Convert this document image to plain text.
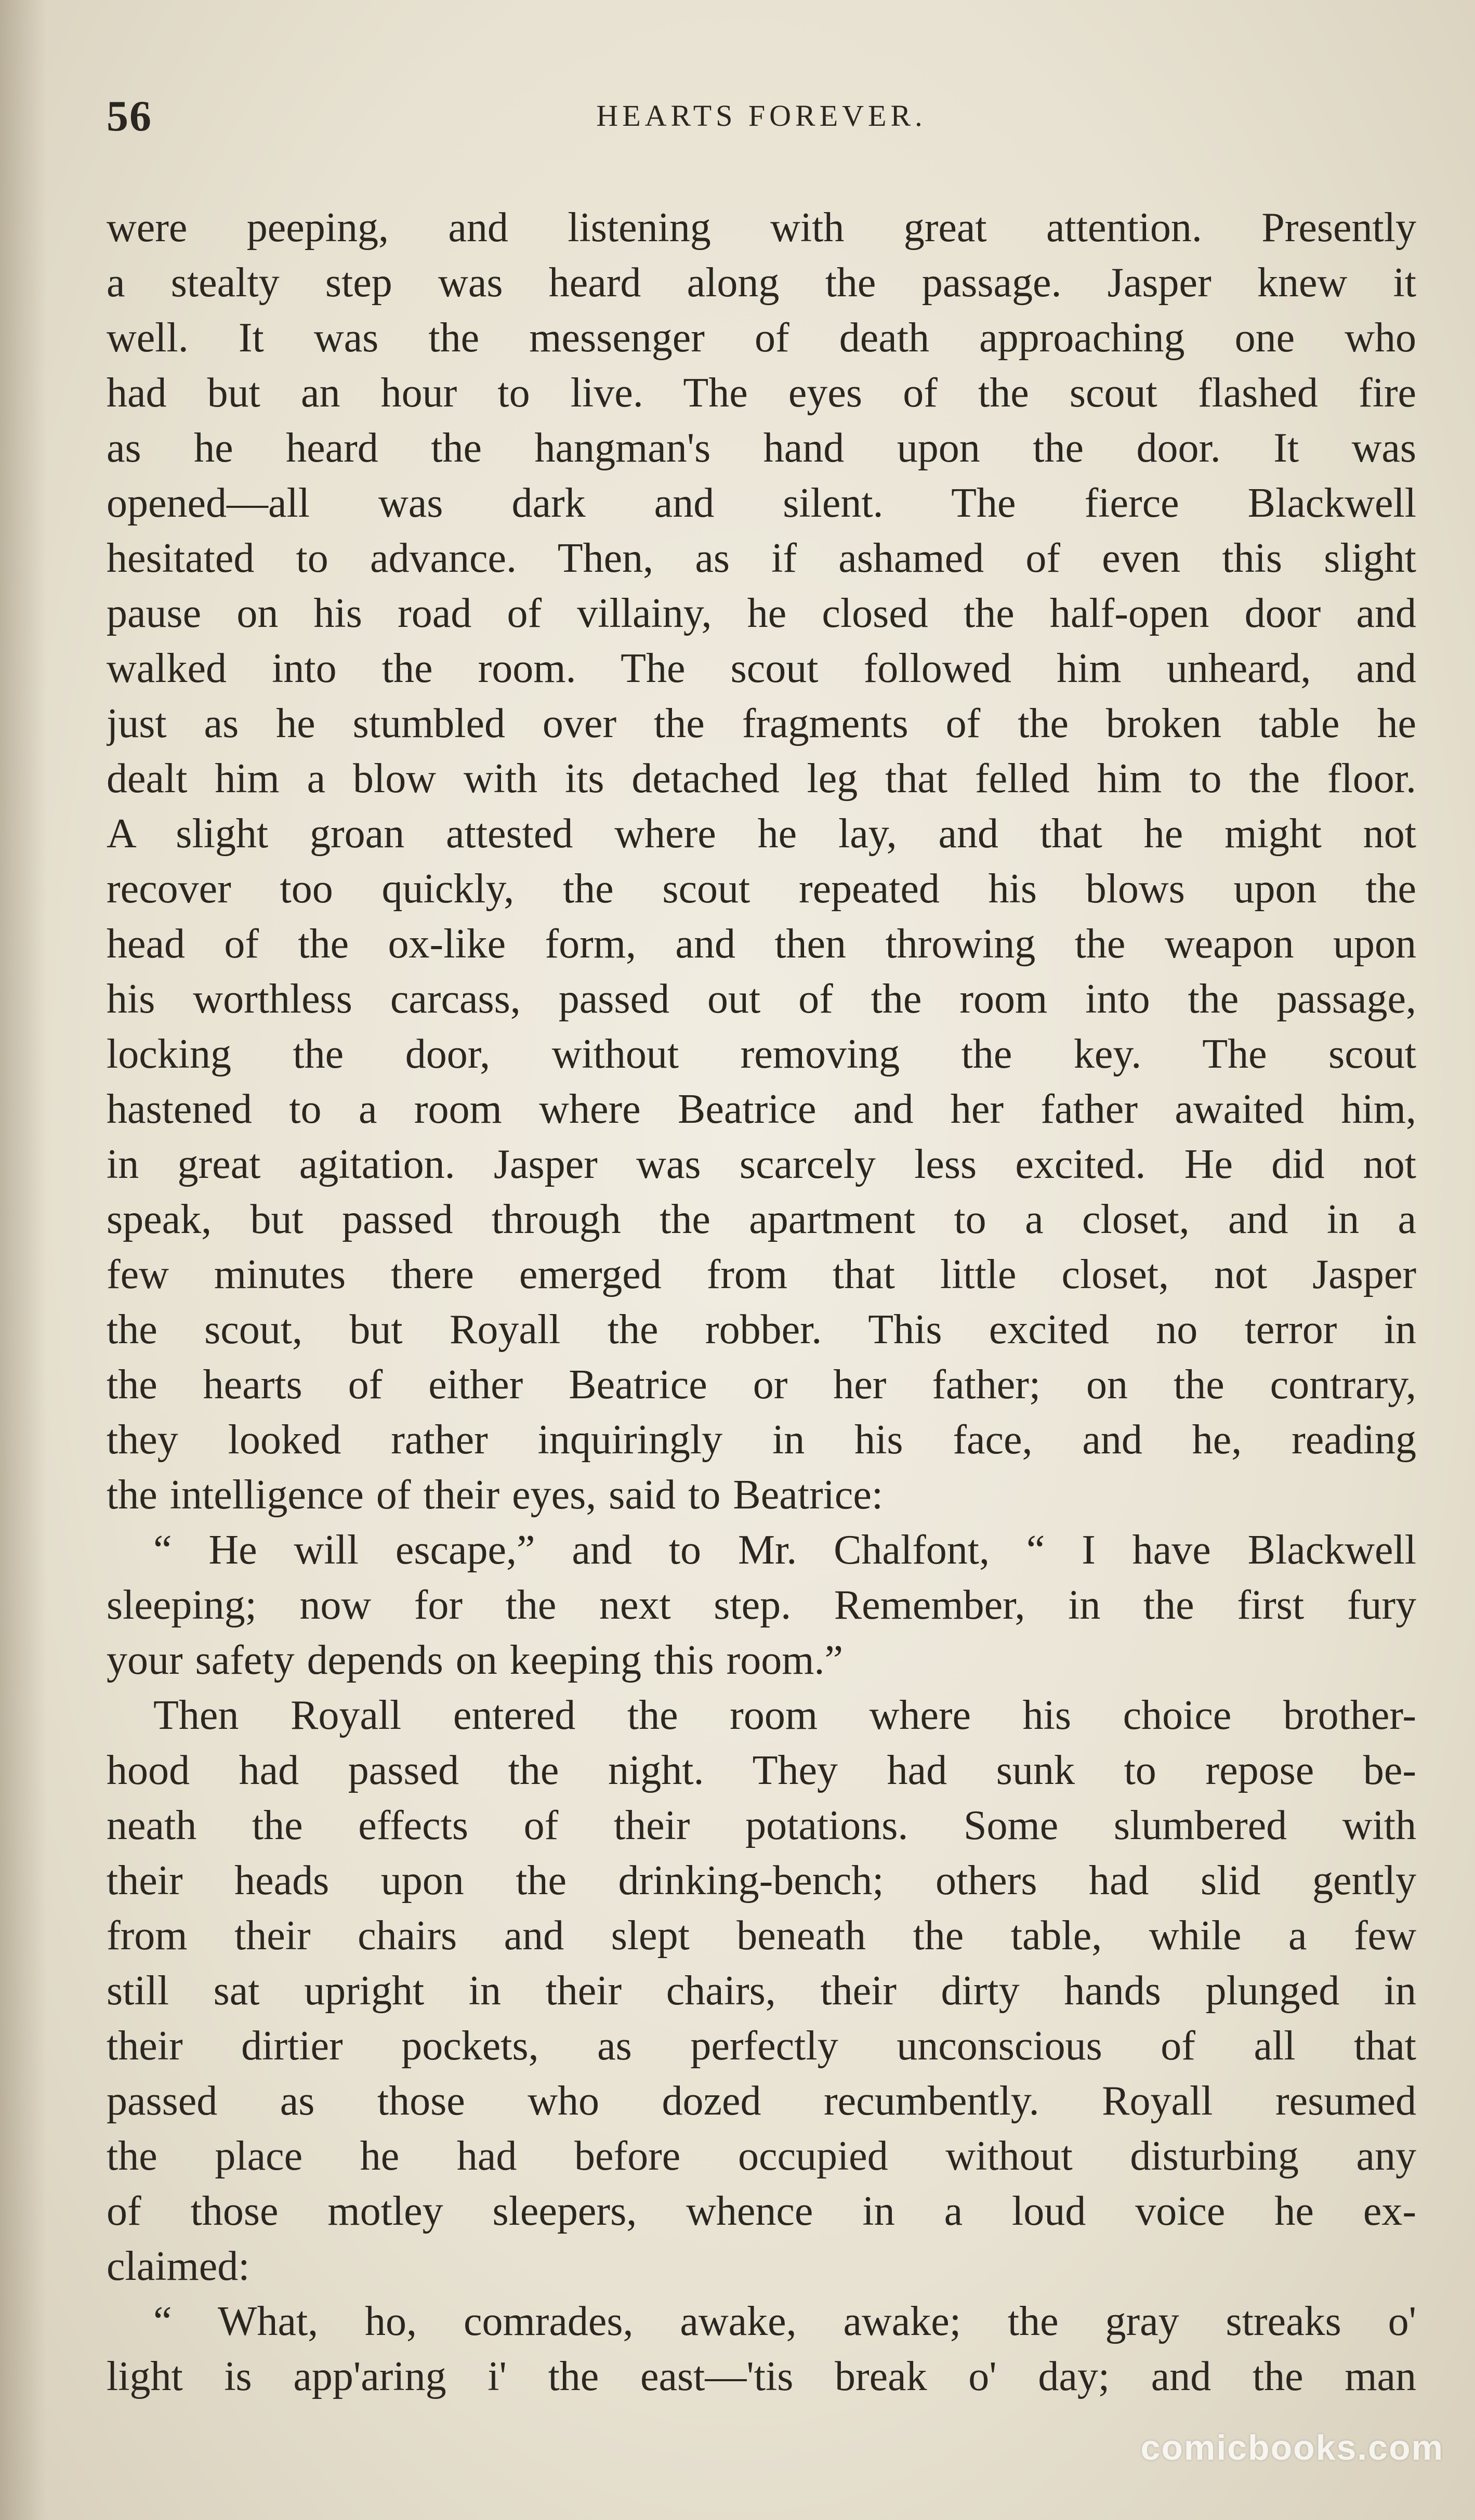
56	HEARTS FOREVER.
were peeping, and listening with great attention. Presently
a stealty step was heard along the passage. Jasper knew it
well. It was the messenger of death approaching one who
had but an hour to live. The eyes of the scout flashed fire
as he heard the hangman's hand upon the door. It was
opened—all was dark and silent. The fierce Blackwell
hesitated to advance. Then, as if ashamed of even this slight
pause on his road of villainy, he closed the half-open door and
walked into the room. The scout followed him unheard, and
just as he stumbled over the fragments of the broken table he
dealt him a blow with its detached leg that felled him to the floor.
A slight groan attested where he lay, and that he might not
recover too quickly, the scout repeated his blows upon the
head of the ox-like form, and then throwing the weapon upon
his worthless carcass, passed out of the room into the passage,
locking the door, without removing the key. The scout
hastened to a room where Beatrice and her father awaited him,
in great agitation. Jasper was scarcely less excited. He did not
speak, but passed through the apartment to a closet, and in a
few minutes there emerged from that little closet, not Jasper
the scout, but Royall the robber. This excited no terror in
the hearts of either Beatrice or her father; on the contrary,
they looked rather inquiringly in his face, and he, reading
the intelligence of their eyes, said to Beatrice:
“ He will escape,” and to Mr. Chalfont, “ I have Blackwell
sleeping; now for the next step. Remember, in the first fury
your safety depends on keeping this room.”
Then Royall entered the room where his choice brother-
hood had passed the night. They had sunk to repose be-
neath the effects of their potations. Some slumbered with
their heads upon the drinking-bench; others had slid gently
from their chairs and slept beneath the table, while a few
still sat upright in their chairs, their dirty hands plunged in
their dirtier pockets, as perfectly unconscious of all that
passed as those who dozed recumbently. Royall resumed
the place he had before occupied without disturbing any
of those motley sleepers, whence in a loud voice he ex-
claimed:
“ What, ho, comrades, awake, awake; the gray streaks o'
light is app'aring i' the east—'tis break o' day; and the man
comicbooks.com
